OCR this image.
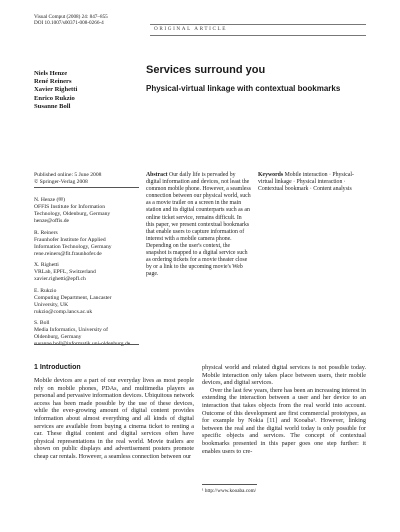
Visual Comput (2008) 24: 847–855
DOI 10.1007/s00371-008-0266-4
ORIGINAL ARTICLE
Niels Henze
René Reiners
Xavier Righetti
Enrico Rukzio
Susanne Boll
Services surround you
Physical-virtual linkage with contextual bookmarks
Published online: 5 June 2008
© Springer-Verlag 2008
N. Henze (✉)
OFFIS Institute for Information
Technology, Oldenburg, Germany
henze@offis.de
R. Reiners
Fraunhofer Institute for Applied
Information Technology, Germany
rene.reiners@fit.fraunhofer.de
X. Righetti
VRLab, EPFL, Switzerland
xavier.righetti@epfl.ch
E. Rukzio
Computing Department, Lancaster
University, UK
rukzio@comp.lancs.ac.uk
S. Boll
Media Informatics, University of
Oldenburg, Germany
susanne.boll@informatik.uni-oldenburg.de
Abstract Our daily life is pervaded by digital information and devices, not least the common mobile phone. However, a seamless connection between our physical world, such as a movie trailer on a screen in the main station and its digital counterparts such as an online ticket service, remains difficult. In this paper, we present contextual bookmarks that enable users to capture information of interest with a mobile camera phone. Depending on the user's context, the snapshot is mapped to a digital service such as ordering tickets for a movie theater close by or a link to the upcoming movie's Web page.
Keywords Mobile interaction · Physical-virtual linkage · Physical interaction · Contextual bookmark · Content analysis
1 Introduction
Mobile devices are a part of our everyday lives as most people rely on mobile phones, PDAs, and multimedia players as personal and pervasive information devices. Ubiquitous network access has been made possible by the use of these devices, while the ever-growing amount of digital content provides information about almost everything and all kinds of digital services are available from buying a cinema ticket to renting a car. These digital content and digital services often have physical representations in the real world. Movie trailers are shown on public displays and advertisement posters promote cheap car rentals. However, a seamless connection between our

physical world and related digital services is not possible today. Mobile interaction only takes place between users, their mobile devices, and digital services.

Over the last few years, there has been an increasing interest in extending the interaction between a user and her device to an interaction that takes objects from the real world into account. Outcome of this development are first commercial prototypes, as for example by Nokia [11] and Kooaba¹. However, linking between the real and the digital world today is only possible for specific objects and services. The concept of contextual bookmarks presented in this paper goes one step further: it enables users to cre-

¹ http://www.kooaba.com/
